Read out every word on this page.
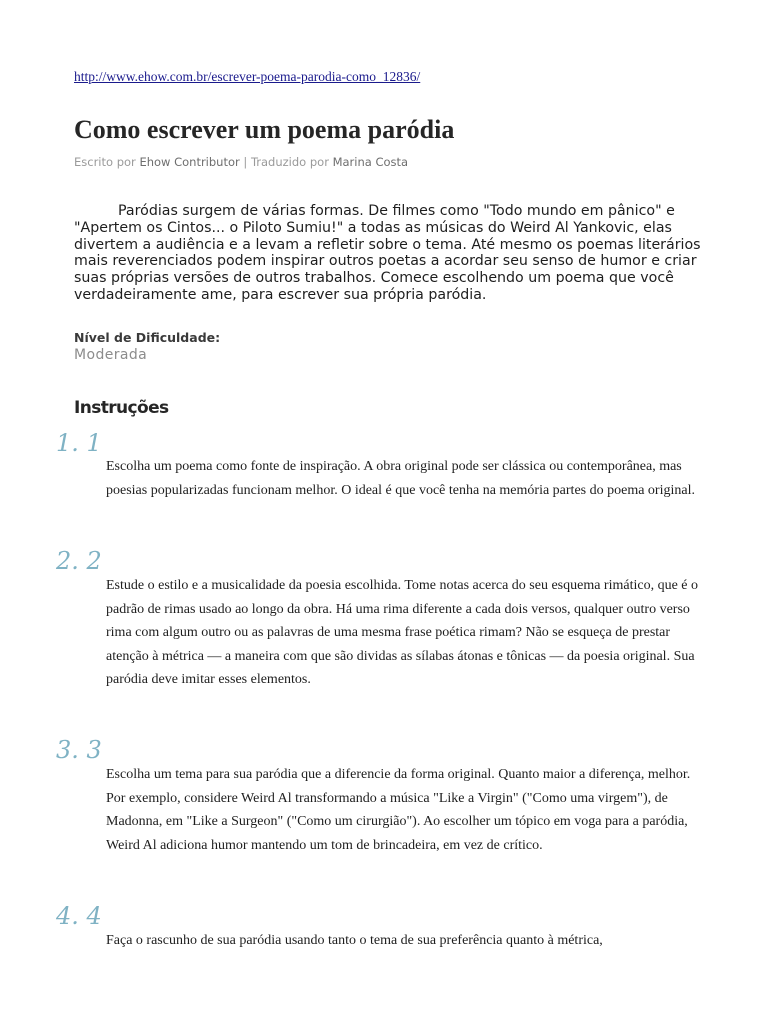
http://www.ehow.com.br/escrever-poema-parodia-como_12836/
Como escrever um poema paródia
Escrito por Ehow Contributor | Traduzido por Marina Costa

Paródias surgem de várias formas. De filmes como "Todo mundo em pânico" e "Apertem os Cintos... o Piloto Sumiu!" a todas as músicas do Weird Al Yankovic, elas divertem a audiência e a levam a refletir sobre o tema. Até mesmo os poemas literários mais reverenciados podem inspirar outros poetas a acordar seu senso de humor e criar suas próprias versões de outros trabalhos. Comece escolhendo um poema que você verdadeiramente ame, para escrever sua própria paródia.

Nível de Dificuldade:
Moderada
Instruções
1. 1

Escolha um poema como fonte de inspiração. A obra original pode ser clássica ou contemporânea, mas poesias popularizadas funcionam melhor. O ideal é que você tenha na memória partes do poema original.

2. 2

Estude o estilo e a musicalidade da poesia escolhida. Tome notas acerca do seu esquema rimático, que é o padrão de rimas usado ao longo da obra. Há uma rima diferente a cada dois versos, qualquer outro verso rima com algum outro ou as palavras de uma mesma frase poética rimam? Não se esqueça de prestar atenção à métrica — a maneira com que são dividas as sílabas átonas e tônicas — da poesia original. Sua paródia deve imitar esses elementos.

3. 3

Escolha um tema para sua paródia que a diferencie da forma original. Quanto maior a diferença, melhor. Por exemplo, considere Weird Al transformando a música "Like a Virgin" ("Como uma virgem"), de Madonna, em "Like a Surgeon" ("Como um cirurgião"). Ao escolher um tópico em voga para a paródia, Weird Al adiciona humor mantendo um tom de brincadeira, em vez de crítico.

4. 4

Faça o rascunho de sua paródia usando tanto o tema de sua preferência quanto à métrica,
